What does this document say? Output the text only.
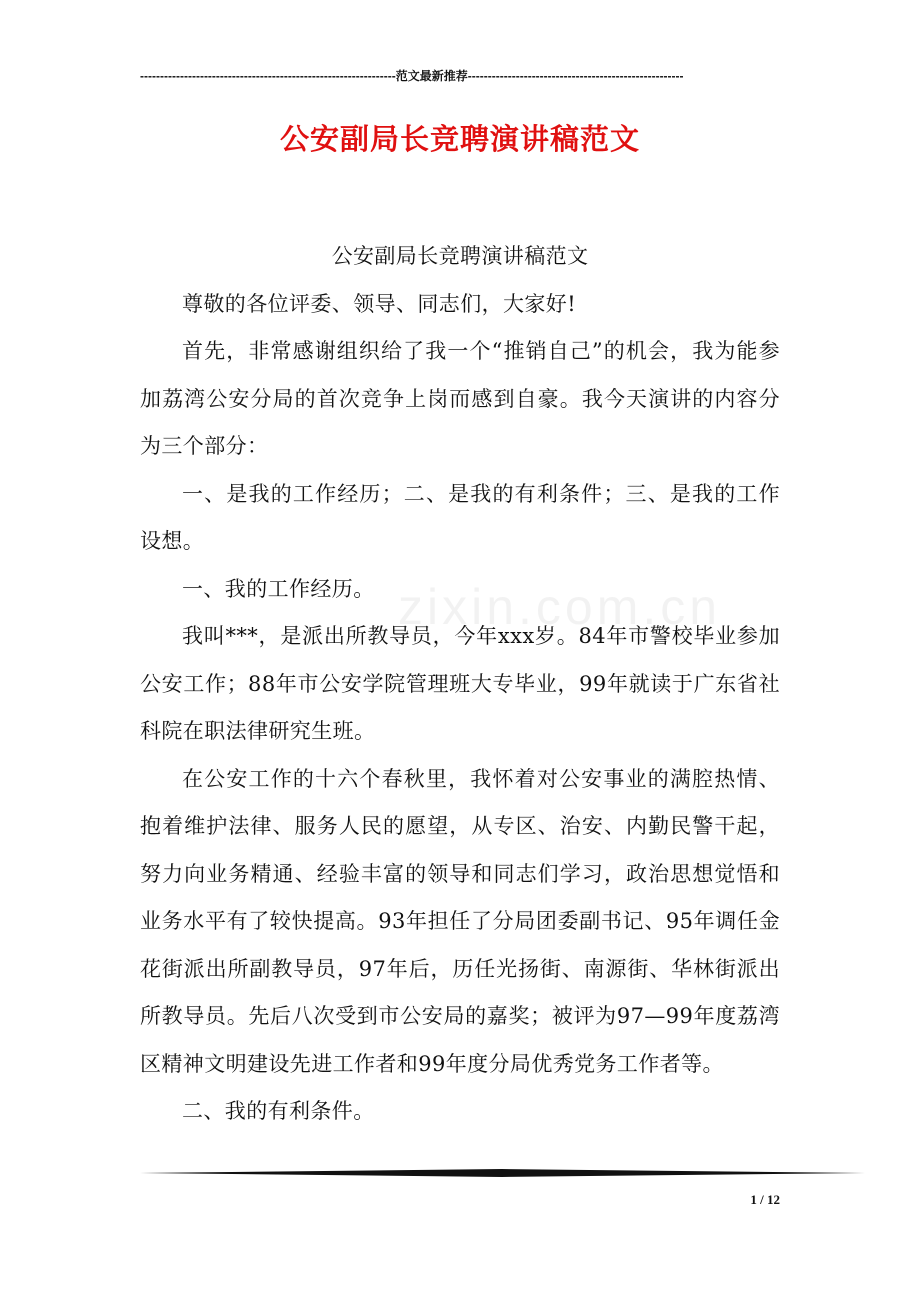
----------------------------------------------------------------范文最新推荐------------------------------------------------------
公安副局长竞聘演讲稿范文
zixin.com.cn

公安副局长竞聘演讲稿范文

尊敬的各位评委、领导、同志们，大家好!

首先，非常感谢组织给了我一个“推销自己”的机会，我为能参加荔湾公安分局的首次竞争上岗而感到自豪。我今天演讲的内容分为三个部分：

一、是我的工作经历；二、是我的有利条件；三、是我的工作设想。

一、我的工作经历。

我叫***，是派出所教导员，今年xxx岁。84年市警校毕业参加公安工作；88年市公安学院管理班大专毕业，99年就读于广东省社科院在职法律研究生班。

在公安工作的十六个春秋里，我怀着对公安事业的满腔热情、抱着维护法律、服务人民的愿望，从专区、治安、内勤民警干起，努力向业务精通、经验丰富的领导和同志们学习，政治思想觉悟和业务水平有了较快提高。93年担任了分局团委副书记、95年调任金花街派出所副教导员，97年后，历任光扬街、南源街、华林街派出所教导员。先后八次受到市公安局的嘉奖；被评为97—99年度荔湾区精神文明建设先进工作者和99年度分局优秀党务工作者等。

二、我的有利条件。

1 / 12
